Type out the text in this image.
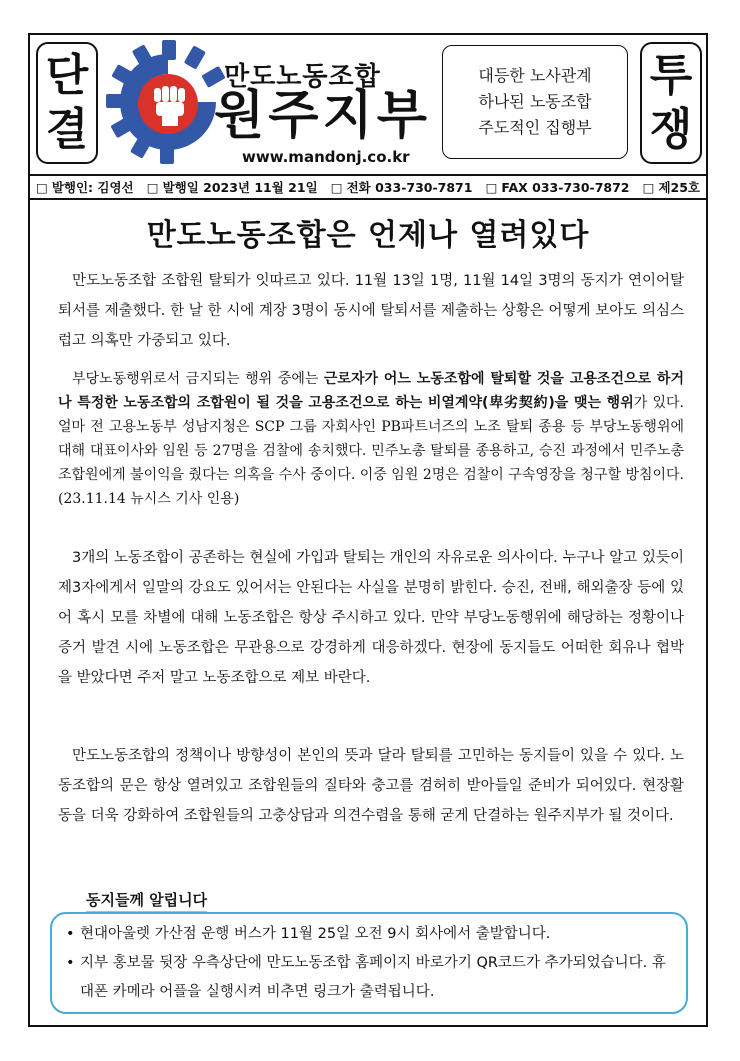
단
결
만도노동조합
원주지부
www.mandonj.co.kr
대등한 노사관계
하나된 노동조합
주도적인 집행부
투
쟁
□ 발행인: 김영선	□ 발행일 2023년 11월 21일	□ 전화 033-730-7871	□ FAX 033-730-7872	□ 제25호
만도노동조합은 언제나 열려있다
만도노동조합 조합원 탈퇴가 잇따르고 있다. 11월 13일 1명, 11월 14일 3명의 동지가 연이어탈퇴서를 제출했다. 한 날 한 시에 계장 3명이 동시에 탈퇴서를 제출하는 상황은 어떻게 보아도 의심스럽고 의혹만 가중되고 있다.
부당노동행위로서 금지되는 행위 중에는 근로자가 어느 노동조합에 탈퇴할 것을 고용조건으로 하거나 특정한 노동조합의 조합원이 될 것을 고용조건으로 하는 비열계약(卑劣契約)을 맺는 행위가 있다. 얼마 전 고용노동부 성남지청은 SCP 그룹 자회사인 PB파트너즈의 노조 탈퇴 종용 등 부당노동행위에 대해 대표이사와 임원 등 27명을 검찰에 송치했다. 민주노총 탈퇴를 종용하고, 승진 과정에서 민주노총 조합원에게 불이익을 줬다는 의혹을 수사 중이다. 이중 임원 2명은 검찰이 구속영장을 청구할 방침이다.(23.11.14 뉴시스 기사 인용)
3개의 노동조합이 공존하는 현실에 가입과 탈퇴는 개인의 자유로운 의사이다. 누구나 알고 있듯이 제3자에게서 일말의 강요도 있어서는 안된다는 사실을 분명히 밝힌다. 승진, 전배, 해외출장 등에 있어 혹시 모를 차별에 대해 노동조합은 항상 주시하고 있다. 만약 부당노동행위에 해당하는 정황이나 증거 발견 시에 노동조합은 무관용으로 강경하게 대응하겠다. 현장에 동지들도 어떠한 회유나 협박을 받았다면 주저 말고 노동조합으로 제보 바란다.
만도노동조합의 정책이나 방향성이 본인의 뜻과 달라 탈퇴를 고민하는 동지들이 있을 수 있다. 노동조합의 문은 항상 열려있고 조합원들의 질타와 충고를 겸허히 받아들일 준비가 되어있다. 현장활동을 더욱 강화하여 조합원들의 고충상담과 의견수렴을 통해 굳게 단결하는 원주지부가 될 것이다.
동지들께 알립니다
• 현대아울렛 가산점 운행 버스가 11월 25일 오전 9시 회사에서 출발합니다.
• 지부 홍보물 뒷장 우측상단에 만도노동조합 홈페이지 바로가기 QR코드가 추가되었습니다. 휴대폰 카메라 어플을 실행시켜 비추면 링크가 출력됩니다.
